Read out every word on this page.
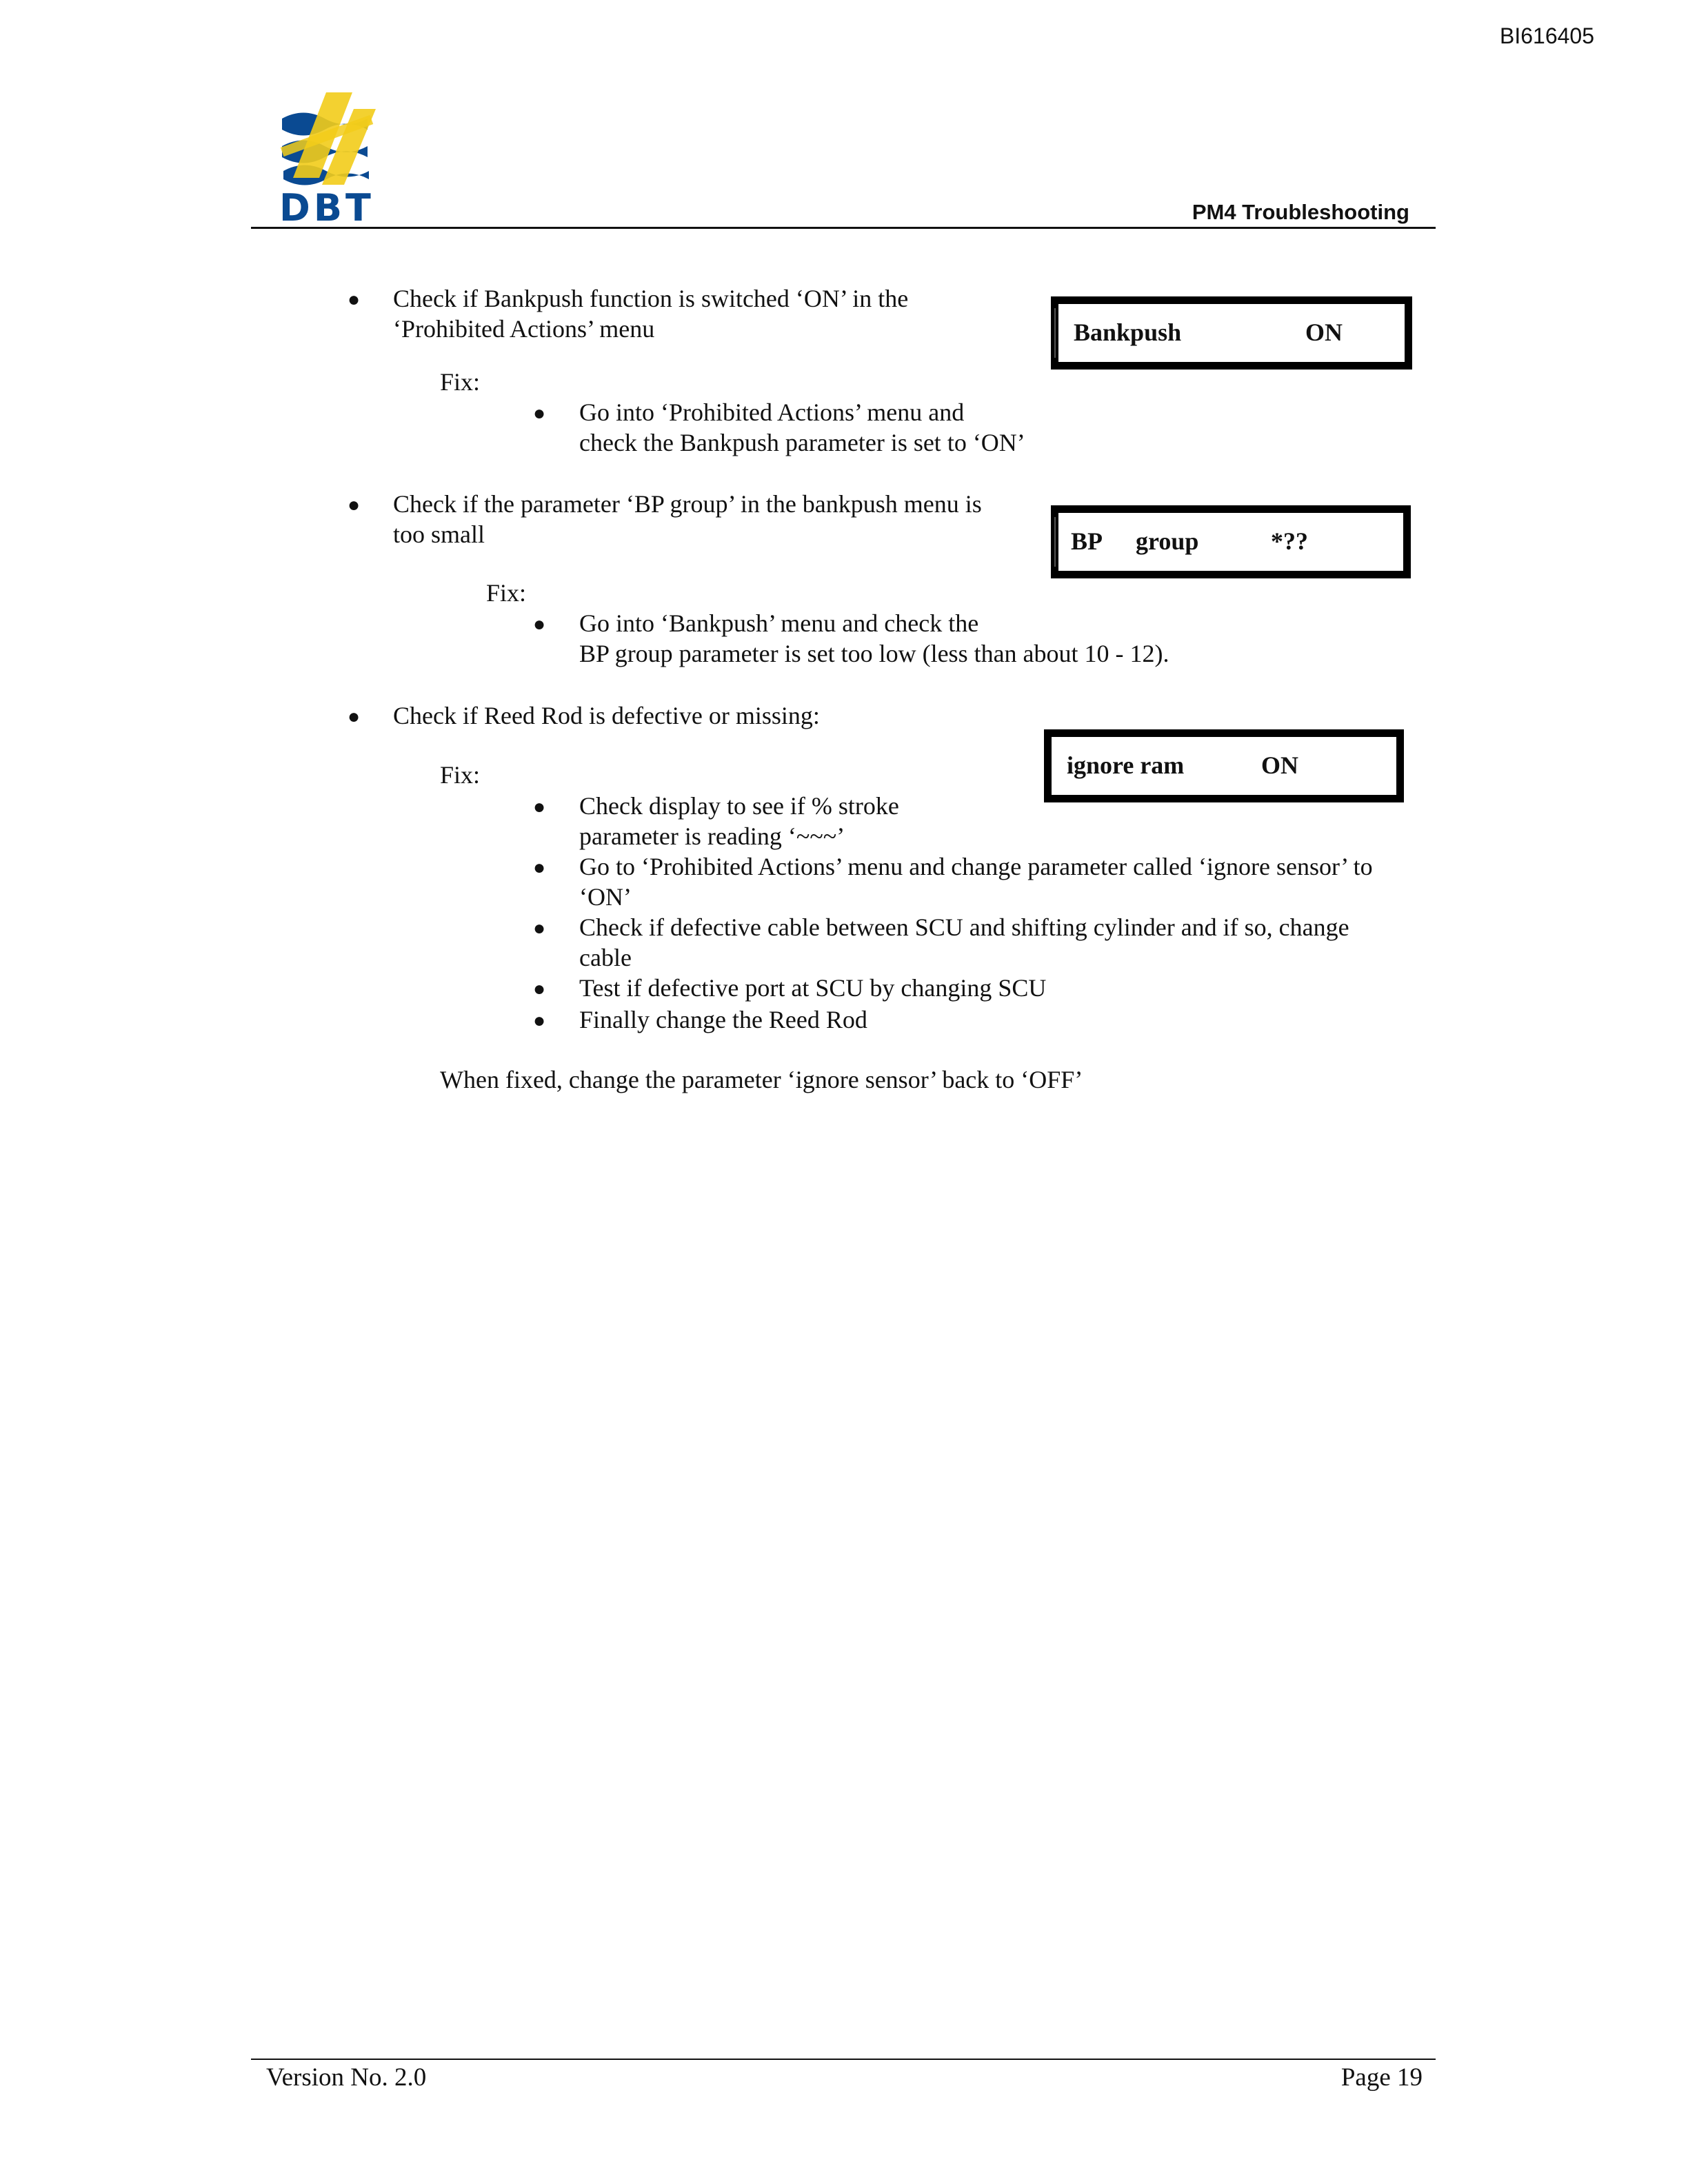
BI616405
DBT	PM4 Troubleshooting
● Check if Bankpush function is switched ‘ON’ in the
‘Prohibited Actions’ menu
Fix:
● Go into ‘Prohibited Actions’ menu and
check the Bankpush parameter is set to ‘ON’
Bankpush	ON
● Check if the parameter ‘BP group’ in the bankpush menu is
too small
Fix:
● Go into ‘Bankpush’ menu and check the
BP group parameter is set too low (less than about 10 - 12).
BP group	*??
● Check if Reed Rod is defective or missing:
Fix:
● Check display to see if % stroke
parameter is reading ‘~~~’
● Go to ‘Prohibited Actions’ menu and change parameter called ‘ignore sensor’ to
‘ON’
● Check if defective cable between SCU and shifting cylinder and if so, change
cable
● Test if defective port at SCU by changing SCU
● Finally change the Reed Rod
ignore ram	ON
When fixed, change the parameter ‘ignore sensor’ back to ‘OFF’
Version No. 2.0	Page 19
